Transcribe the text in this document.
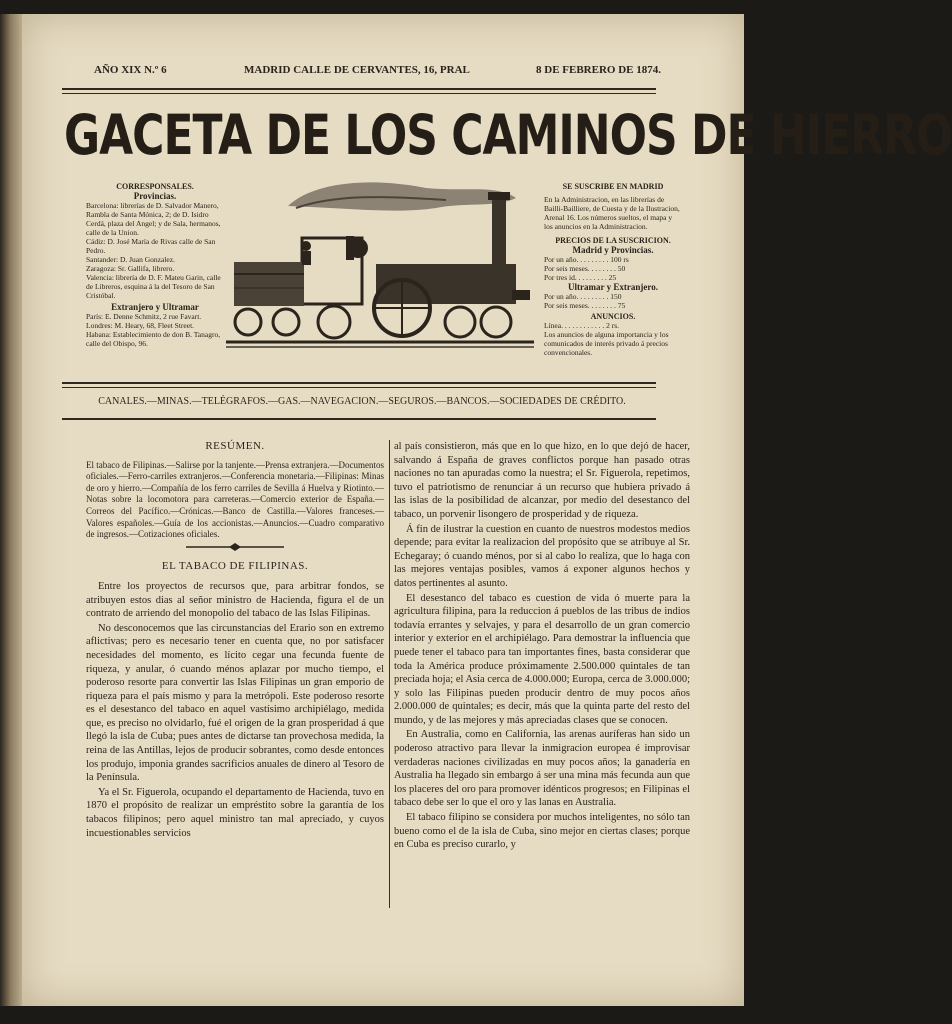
AÑO XIX N.º 6	MADRID CALLE DE CERVANTES, 16, PRAL	8 DE FEBRERO DE 1874.
GACETA DE LOS CAMINOS DE HIERRO
CORRESPONSALES.
Provincias.
Barcelona: librerías de D. Salvador Manero, Rambla de Santa Mónica, 2; de D. Isidro Cerdá, plaza del Angel; y de Sala, hermanos, calle de la Union.
Cádiz: D. José María de Rivas calle de San Pedro.
Santander: D. Juan Gonzalez.
Zaragoza: Sr. Gallifa, librero.
Valencia: librería de D. F. Mateu Garin, calle de Libreros, esquina á la del Tesoro de San Cristóbal.
Extranjero y Ultramar
París: E. Denne Schmitz, 2 rue Favart.
Londres: M. Heary, 68, Fleet Street.
Habana: Establecimiento de don B. Tanagro, calle del Obispo, 96.
SE SUSCRIBE EN MADRID
En la Administracion, en las librerías de Bailli-Bailliere, de Cuesta y de la Ilustracion, Arenal 16. Los números sueltos, el mapa y los anuncios en la Administracion.
PRECIOS DE LA SUSCRICION.
Madrid y Provincias.
Por un año. . . . . . . . . 100 rs
Por seis meses. . . . . . . . 50
Por tres id. . . . . . . . . 25
Ultramar y Extranjero.
Por un año. . . . . . . . . 150
Por seis meses. . . . . . . . 75
ANUNCIOS.
Línea. . . . . . . . . . . . 2 rs.
Los anuncios de alguna importancia y los comunicados de interés privado á precios convencionales.
CANALES.—MINAS.—TELÉGRAFOS.—GAS.—NAVEGACION.—SEGUROS.—BANCOS.—SOCIEDADES DE CRÉDITO.
RESÚMEN.

El tabaco de Filipinas.—Salirse por la tanjente.—Prensa extranjera.—Documentos oficiales.—Ferro-carriles extranjeros.—Conferencia monetaria.—Filipinas: Minas de oro y hierro.—Compañía de los ferro carriles de Sevilla á Huelva y Riotinto.—Notas sobre la locomotora para carreteras.—Comercio exterior de España.—Correos del Pacífico.—Crónicas.—Banco de Castilla.—Valores franceses.—Valores españoles.—Guía de los accionistas.—Anuncios.—Cuadro comparativo de ingresos.—Cotizaciones oficiales.

EL TABACO DE FILIPINAS.

Entre los proyectos de recursos que, para arbitrar fondos, se atribuyen estos dias al señor ministro de Hacienda, figura el de un contrato de arriendo del monopolio del tabaco de las Islas Filipinas.

No desconocemos que las circunstancias del Erario son en extremo aflictivas; pero es necesario tener en cuenta que, no por satisfacer necesidades del momento, es lícito cegar una fecunda fuente de riqueza, y anular, ó cuando ménos aplazar por mucho tiempo, el poderoso resorte para convertir las Islas Filipinas un gran emporio de riqueza para el país mismo y para la metrópoli. Este poderoso resorte es el desestanco del tabaco en aquel vastísimo archipiélago, medida que, es preciso no olvidarlo, fué el origen de la gran prosperidad á que llegó la isla de Cuba; pues antes de dictarse tan provechosa medida, la reina de las Antillas, lejos de producir sobrantes, como desde entonces los produjo, imponia grandes sacrificios anuales de dinero al Tesoro de la Península.

Ya el Sr. Figuerola, ocupando el departamento de Hacienda, tuvo en 1870 el propósito de realizar un empréstito sobre la garantía de los tabacos filipinos; pero aquel ministro tan mal apreciado, y cuyos incuestionables servicios

al país consistieron, más que en lo que hizo, en lo que dejó de hacer, salvando á España de graves conflictos porque han pasado otras naciones no tan apuradas como la nuestra; el Sr. Figuerola, repetimos, tuvo el patriotismo de renunciar á un recurso que hubiera privado á las islas de la posibilidad de alcanzar, por medio del desestanco del tabaco, un porvenir lisongero de prosperidad y de riqueza.

Á fin de ilustrar la cuestion en cuanto de nuestros modestos medios depende; para evitar la realizacion del propósito que se atribuye al Sr. Echegaray; ó cuando ménos, por si al cabo lo realiza, que lo haga con las mejores ventajas posibles, vamos á exponer algunos hechos y datos pertinentes al asunto.

El desestanco del tabaco es cuestion de vida ó muerte para la agricultura filipina, para la reduccion á pueblos de las tribus de indios todavía errantes y selvajes, y para el desarrollo de un gran comercio interior y exterior en el archipiélago. Para demostrar la influencia que puede tener el tabaco para tan importantes fines, basta considerar que toda la América produce próximamente 2.500.000 quintales de tan preciada hoja; el Asia cerca de 4.000.000; Europa, cerca de 3.000.000; y solo las Filipinas pueden producir dentro de muy pocos años 2.000.000 de quintales; es decir, más que la quinta parte del resto del mundo, y de las mejores y más apreciadas clases que se conocen.

En Australia, como en California, las arenas auríferas han sido un poderoso atractivo para llevar la inmigracion europea é improvisar verdaderas naciones civilizadas en muy pocos años; la ganadería en Australia ha llegado sin embargo á ser una mina más fecunda aun que los placeres del oro para promover idénticos progresos; en Filipinas el tabaco debe ser lo que el oro y las lanas en Australia.

El tabaco filipino se considera por muchos inteligentes, no sólo tan bueno como el de la isla de Cuba, sino mejor en ciertas clases; porque en Cuba es preciso curarlo, y
